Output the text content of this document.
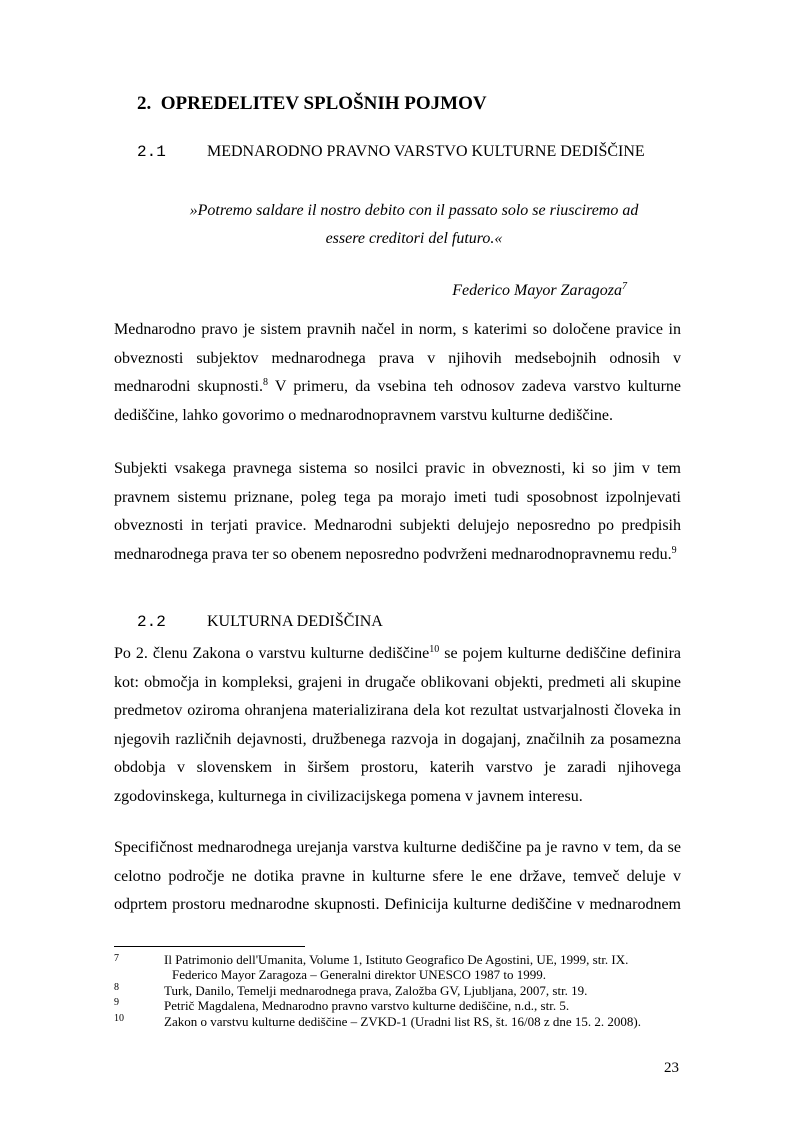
2. OPREDELITEV SPLOŠNIH POJMOV
2.1	MEDNARODNO PRAVNO VARSTVO KULTURNE DEDIŠČINE
»Potremo saldare il nostro debito con il passato solo se riusciremo ad
essere creditori del futuro.«
Federico Mayor Zaragoza$^7$
Mednarodno pravo je sistem pravnih načel in norm, s katerimi so določene pravice in
obveznosti subjektov mednarodnega prava v njihovih medsebojnih odnosih v
mednarodni skupnosti.$^8$ V primeru, da vsebina teh odnosov zadeva varstvo kulturne
dediščine, lahko govorimo o mednarodnopravnem varstvu kulturne dediščine.
Subjekti vsakega pravnega sistema so nosilci pravic in obveznosti, ki so jim v tem
pravnem sistemu priznane, poleg tega pa morajo imeti tudi sposobnost izpolnjevati
obveznosti in terjati pravice. Mednarodni subjekti delujejo neposredno po predpisih
mednarodnega prava ter so obenem neposredno podvrženi mednarodnopravnemu redu.$^9$
2.2	KULTURNA DEDIŠČINA
Po 2. členu Zakona o varstvu kulturne dediščine$^{10}$ se pojem kulturne dediščine definira
kot: območja in kompleksi, grajeni in drugače oblikovani objekti, predmeti ali skupine
predmetov oziroma ohranjena materializirana dela kot rezultat ustvarjalnosti človeka in
njegovih različnih dejavnosti, družbenega razvoja in dogajanj, značilnih za posamezna
obdobja v slovenskem in širšem prostoru, katerih varstvo je zaradi njihovega
zgodovinskega, kulturnega in civilizacijskega pomena v javnem interesu.
Specifičnost mednarodnega urejanja varstva kulturne dediščine pa je ravno v tem, da se
celotno področje ne dotika pravne in kulturne sfere le ene države, temveč deluje v
odprtem prostoru mednarodne skupnosti. Definicija kulturne dediščine v mednarodnem
7	Il Patrimonio dell'Umanita, Volume 1, Istituto Geografico De Agostini, UE, 1999, str. IX.
Federico Mayor Zaragoza – Generalni direktor UNESCO 1987 to 1999.
8	Turk, Danilo, Temelji mednarodnega prava, Založba GV, Ljubljana, 2007, str. 19.
9	Petrič Magdalena, Mednarodno pravno varstvo kulturne dediščine, n.d., str. 5.
10	Zakon o varstvu kulturne dediščine – ZVKD-1 (Uradni list RS, št. 16/08 z dne 15. 2. 2008).
23
